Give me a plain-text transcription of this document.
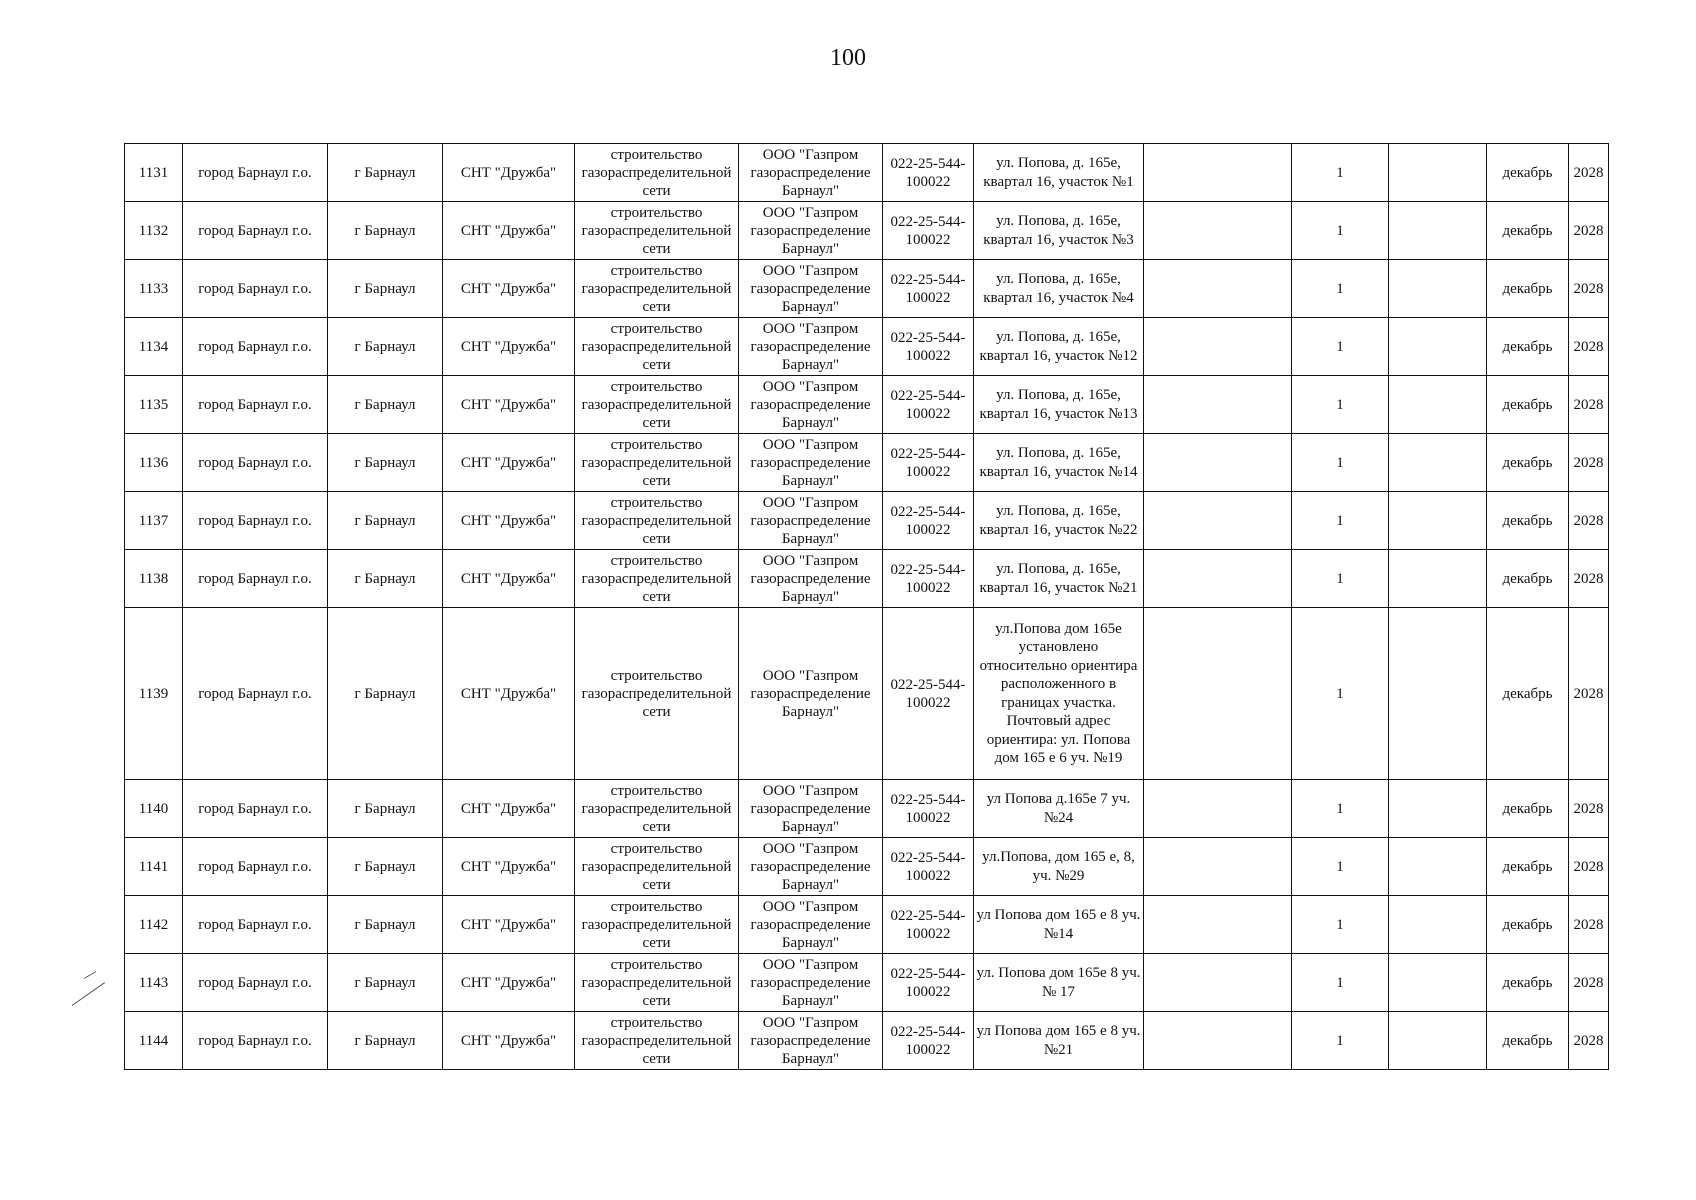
100
1131	город Барнаул г.о.	г Барнаул	СНТ "Дружба"	строительство газораспределительной сети	ООО "Газпром газораспределение Барнаул"	022-25-544-100022	ул. Попова, д. 165е, квартал 16, участок №1		1		декабрь	2028
1132	город Барнаул г.о.	г Барнаул	СНТ "Дружба"	строительство газораспределительной сети	ООО "Газпром газораспределение Барнаул"	022-25-544-100022	ул. Попова, д. 165е, квартал 16, участок №3		1		декабрь	2028
1133	город Барнаул г.о.	г Барнаул	СНТ "Дружба"	строительство газораспределительной сети	ООО "Газпром газораспределение Барнаул"	022-25-544-100022	ул. Попова, д. 165е, квартал 16, участок №4		1		декабрь	2028
1134	город Барнаул г.о.	г Барнаул	СНТ "Дружба"	строительство газораспределительной сети	ООО "Газпром газораспределение Барнаул"	022-25-544-100022	ул. Попова, д. 165е, квартал 16, участок №12		1		декабрь	2028
1135	город Барнаул г.о.	г Барнаул	СНТ "Дружба"	строительство газораспределительной сети	ООО "Газпром газораспределение Барнаул"	022-25-544-100022	ул. Попова, д. 165е, квартал 16, участок №13		1		декабрь	2028
1136	город Барнаул г.о.	г Барнаул	СНТ "Дружба"	строительство газораспределительной сети	ООО "Газпром газораспределение Барнаул"	022-25-544-100022	ул. Попова, д. 165е, квартал 16, участок №14		1		декабрь	2028
1137	город Барнаул г.о.	г Барнаул	СНТ "Дружба"	строительство газораспределительной сети	ООО "Газпром газораспределение Барнаул"	022-25-544-100022	ул. Попова, д. 165е, квартал 16, участок №22		1		декабрь	2028
1138	город Барнаул г.о.	г Барнаул	СНТ "Дружба"	строительство газораспределительной сети	ООО "Газпром газораспределение Барнаул"	022-25-544-100022	ул. Попова, д. 165е, квартал 16, участок №21		1		декабрь	2028
1139	город Барнаул г.о.	г Барнаул	СНТ "Дружба"	строительство газораспределительной сети	ООО "Газпром газораспределение Барнаул"	022-25-544-100022	ул.Попова дом 165е установлено относительно ориентира расположенного в границах участка. Почтовый адрес ориентира: ул. Попова дом 165 е 6 уч. №19		1		декабрь	2028
1140	город Барнаул г.о.	г Барнаул	СНТ "Дружба"	строительство газораспределительной сети	ООО "Газпром газораспределение Барнаул"	022-25-544-100022	ул Попова д.165е 7 уч. №24		1		декабрь	2028
1141	город Барнаул г.о.	г Барнаул	СНТ "Дружба"	строительство газораспределительной сети	ООО "Газпром газораспределение Барнаул"	022-25-544-100022	ул.Попова, дом 165 е, 8, уч. №29		1		декабрь	2028
1142	город Барнаул г.о.	г Барнаул	СНТ "Дружба"	строительство газораспределительной сети	ООО "Газпром газораспределение Барнаул"	022-25-544-100022	ул Попова дом 165 е 8 уч. №14		1		декабрь	2028
1143	город Барнаул г.о.	г Барнаул	СНТ "Дружба"	строительство газораспределительной сети	ООО "Газпром газораспределение Барнаул"	022-25-544-100022	ул. Попова дом 165е 8 уч. № 17		1		декабрь	2028
1144	город Барнаул г.о.	г Барнаул	СНТ "Дружба"	строительство газораспределительной сети	ООО "Газпром газораспределение Барнаул"	022-25-544-100022	ул Попова дом 165 е 8 уч. №21		1		декабрь	2028
